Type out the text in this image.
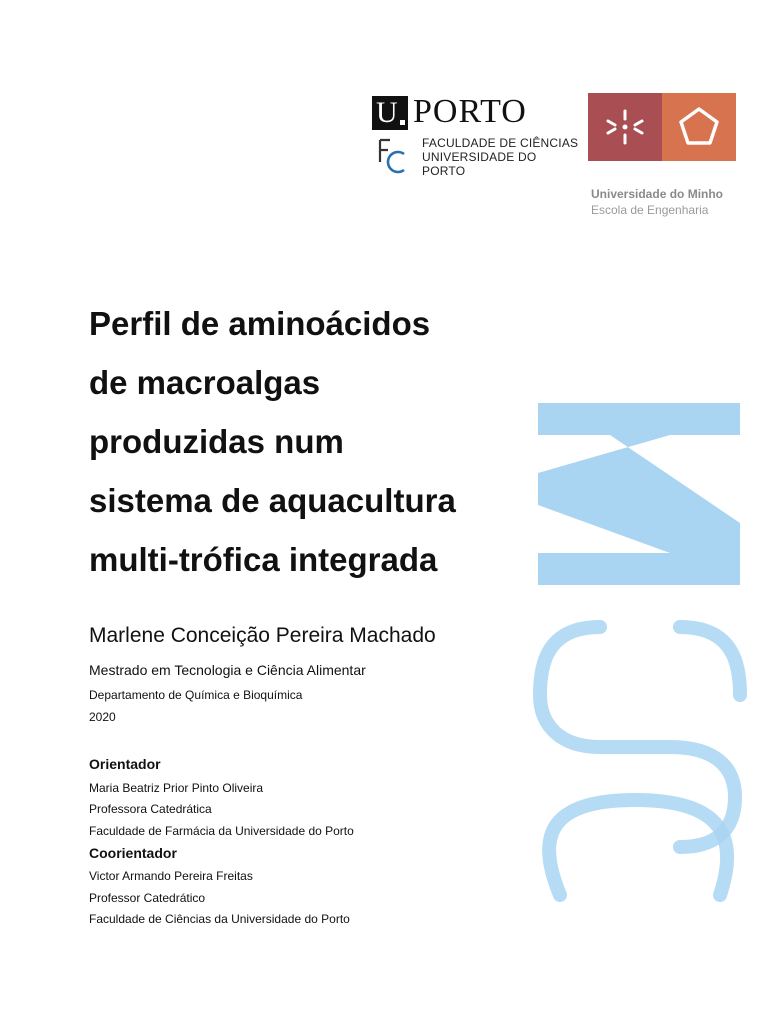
U PORTO
FACULDADE DE CIÊNCIAS
UNIVERSIDADE DO PORTO
Universidade do Minho
Escola de Engenharia
Perfil de aminoácidos
de macroalgas
produzidas num
sistema de aquacultura
multi-trófica integrada
Marlene Conceição Pereira Machado
Mestrado em Tecnologia e Ciência Alimentar
Departamento de Química e Bioquímica
2020
Orientador
Maria Beatriz Prior Pinto Oliveira
Professora Catedrática
Faculdade de Farmácia da Universidade do Porto
Coorientador
Victor Armando Pereira Freitas
Professor Catedrático
Faculdade de Ciências da Universidade do Porto
